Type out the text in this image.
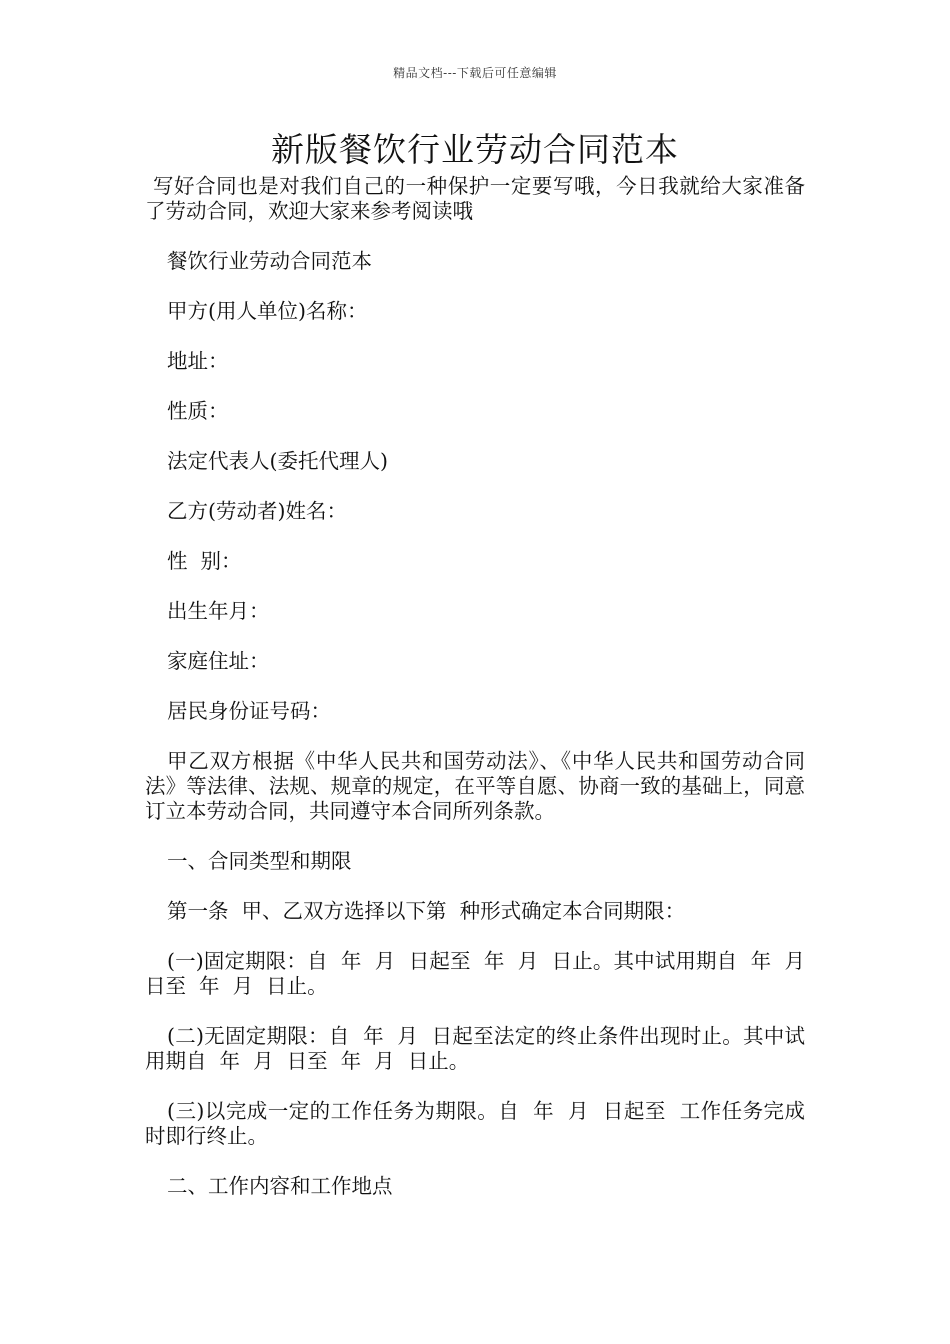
精品文档---下载后可任意编辑
新版餐饮行业劳动合同范本

写好合同也是对我们自己的一种保护一定要写哦，今日我就给大家准备了劳动合同，欢迎大家来参考阅读哦

餐饮行业劳动合同范本

甲方(用人单位)名称：

地址：

性质：

法定代表人(委托代理人)

乙方(劳动者)姓名：

性  别：

出生年月：

家庭住址：

居民身份证号码：

甲乙双方根据《中华人民共和国劳动法》、《中华人民共和国劳动合同法》等法律、法规、规章的规定，在平等自愿、协商一致的基础上，同意订立本劳动合同，共同遵守本合同所列条款。

一、合同类型和期限

第一条  甲、乙双方选择以下第  种形式确定本合同期限：

(一)固定期限：自  年  月  日起至  年  月  日止。其中试用期自  年  月  日至  年  月  日止。

(二)无固定期限：自  年  月  日起至法定的终止条件出现时止。其中试用期自  年  月  日至  年  月  日止。

(三)以完成一定的工作任务为期限。自  年  月  日起至  工作任务完成时即行终止。

二、工作内容和工作地点
